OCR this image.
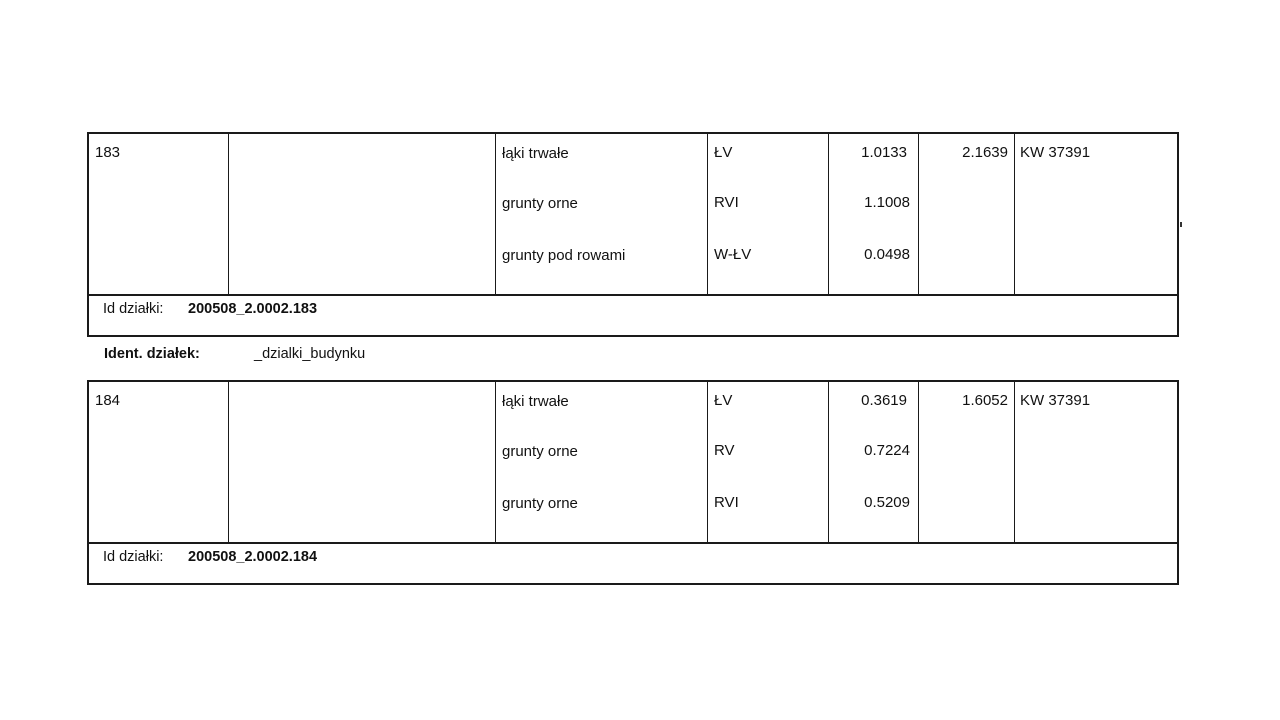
183	łąki trwałe	ŁV	1.0133
grunty orne	RVI	1.1008
grunty pod rowami	W-ŁV	0.0498
2.1639 KW 37391
Id działki: 200508_2.0002.183
Ident. działek:	_dzialki_budynku
184	łąki trwałe	ŁV	0.3619
grunty orne	RV	0.7224
grunty orne	RVI	0.5209
1.6052 KW 37391
Id działki: 200508_2.0002.184
